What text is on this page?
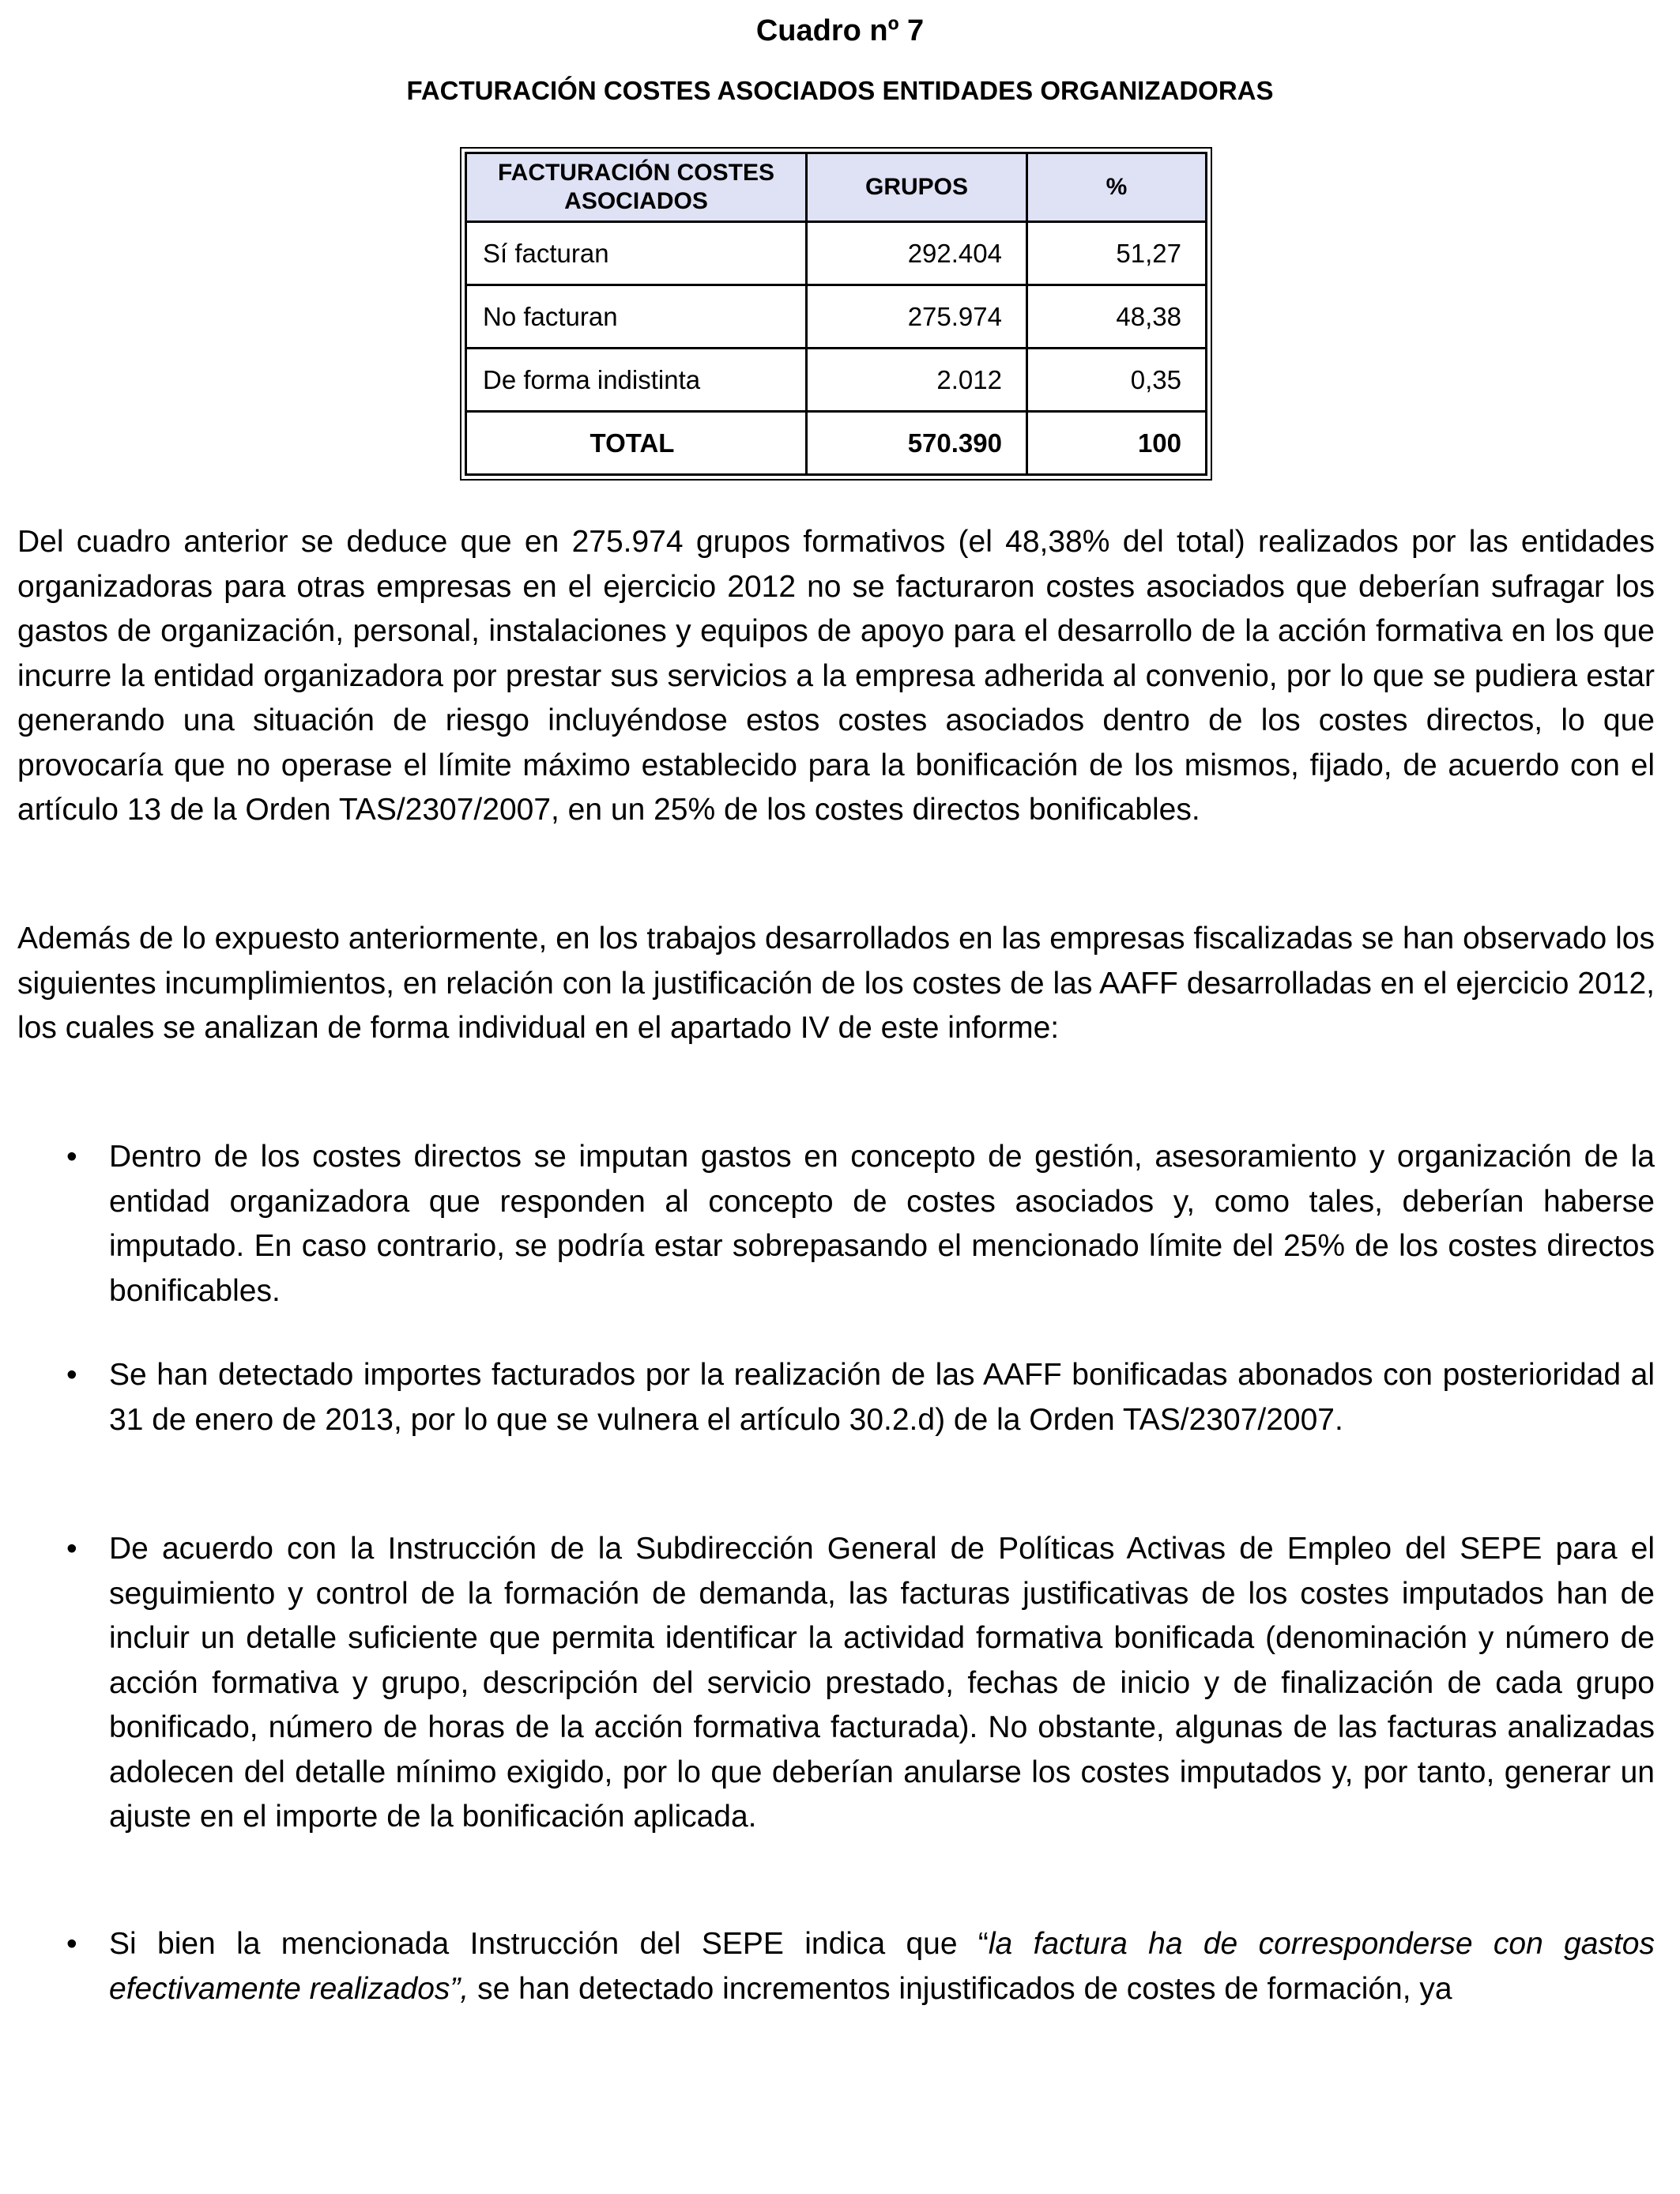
Cuadro nº 7
FACTURACIÓN COSTES ASOCIADOS ENTIDADES ORGANIZADORAS
FACTURACIÓN COSTES ASOCIADOS	GRUPOS	%
Sí facturan	292.404	51,27
No facturan	275.974	48,38
De forma indistinta	2.012	0,35
TOTAL	570.390	100
Del cuadro anterior se deduce que en 275.974 grupos formativos (el 48,38% del total) realizados por las entidades organizadoras para otras empresas en el ejercicio 2012 no se facturaron costes asociados que deberían sufragar los gastos de organización, personal, instalaciones y equipos de apoyo para el desarrollo de la acción formativa en los que incurre la entidad organizadora por prestar sus servicios a la empresa adherida al convenio, por lo que se pudiera estar generando una situación de riesgo incluyéndose estos costes asociados dentro de los costes directos, lo que provocaría que no operase el límite máximo establecido para la bonificación de los mismos, fijado, de acuerdo con el artículo 13 de la Orden TAS/2307/2007, en un 25% de los costes directos bonificables.
Además de lo expuesto anteriormente, en los trabajos desarrollados en las empresas fiscalizadas se han observado los siguientes incumplimientos, en relación con la justificación de los costes de las AAFF desarrolladas en el ejercicio 2012, los cuales se analizan de forma individual en el apartado IV de este informe:
• Dentro de los costes directos se imputan gastos en concepto de gestión, asesoramiento y organización de la entidad organizadora que responden al concepto de costes asociados y, como tales, deberían haberse imputado. En caso contrario, se podría estar sobrepasando el mencionado límite del 25% de los costes directos bonificables.
• Se han detectado importes facturados por la realización de las AAFF bonificadas abonados con posterioridad al 31 de enero de 2013, por lo que se vulnera el artículo 30.2.d) de la Orden TAS/2307/2007.
• De acuerdo con la Instrucción de la Subdirección General de Políticas Activas de Empleo del SEPE para el seguimiento y control de la formación de demanda, las facturas justificativas de los costes imputados han de incluir un detalle suficiente que permita identificar la actividad formativa bonificada (denominación y número de acción formativa y grupo, descripción del servicio prestado, fechas de inicio y de finalización de cada grupo bonificado, número de horas de la acción formativa facturada). No obstante, algunas de las facturas analizadas adolecen del detalle mínimo exigido, por lo que deberían anularse los costes imputados y, por tanto, generar un ajuste en el importe de la bonificación aplicada.
• Si bien la mencionada Instrucción del SEPE indica que “la factura ha de corresponderse con gastos efectivamente realizados”, se han detectado incrementos injustificados de costes de formación, ya
